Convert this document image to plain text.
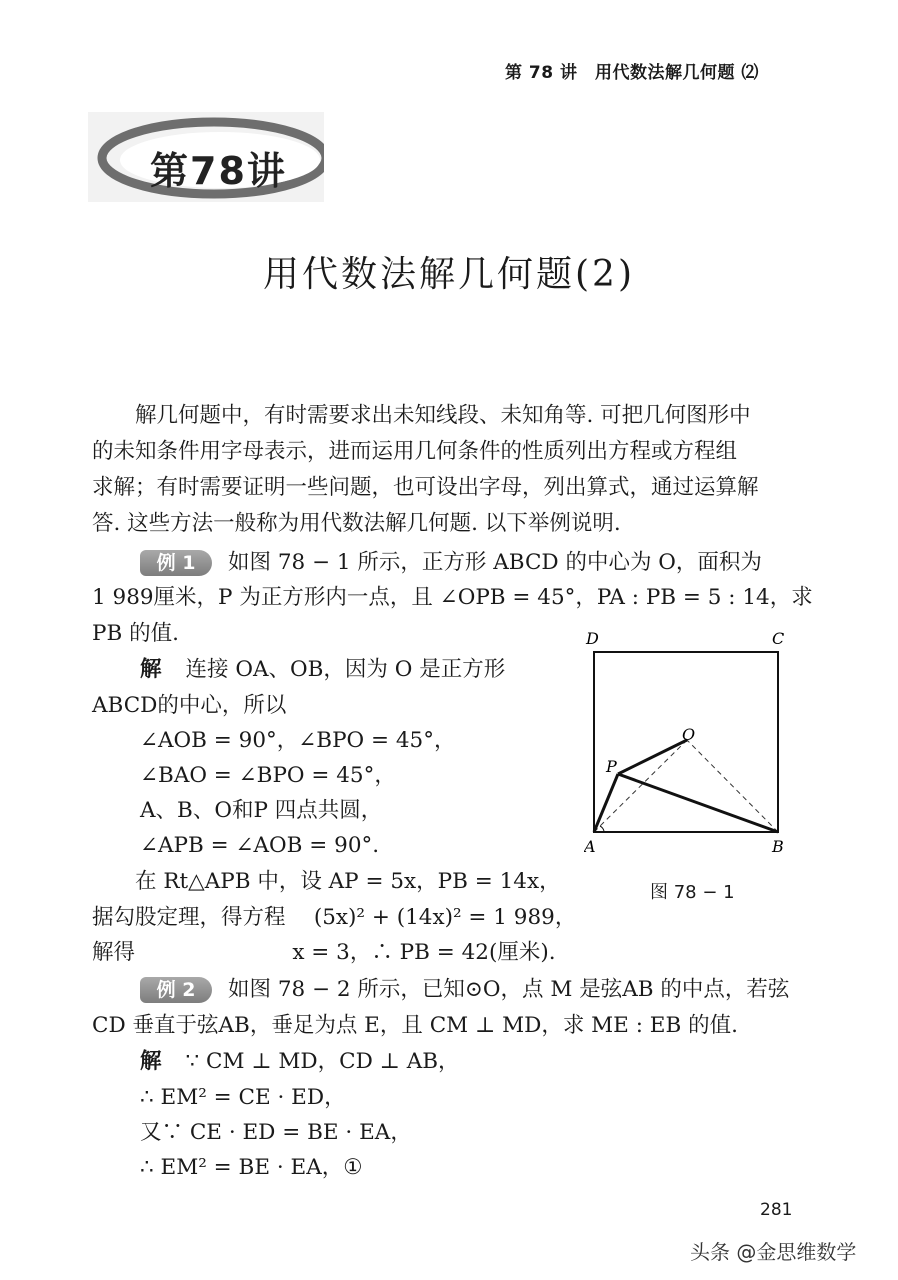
第 78 讲　用代数法解几何题 ⑵
第78讲
用代数法解几何题(2)
　　解几何题中，有时需要求出未知线段、未知角等. 可把几何图形中
的未知条件用字母表示，进而运用几何条件的性质列出方程或方程组
求解；有时需要证明一些问题，也可设出字母，列出算式，通过运算解
答. 这些方法一般称为用代数法解几何题. 以下举例说明.
例 1 如图 78 − 1 所示，正方形 ABCD 的中心为 O，面积为
1 989厘米，P 为正方形内一点，且 ∠OPB = 45°，PA : PB = 5 : 14，求
PB 的值.
解 连接 OA、OB，因为 O 是正方形
ABCD的中心，所以
∠AOB = 90°，∠BPO = 45°，
∠BAO = ∠BPO = 45°，
A、B、O和P 四点共圆，
∠APB = ∠AOB = 90°.
　　在 Rt△APB 中，设 AP = 5x，PB = 14x，
据勾股定理，得方程　 (5x)² + (14x)² = 1 989，
解得　　　　　　　 x = 3，∴ PB = 42(厘米).
D	C
O
P
A	B
图 78 − 1
例 2 如图 78 − 2 所示，已知⊙O，点 M 是弦AB 的中点，若弦
CD 垂直于弦AB，垂足为点 E，且 CM ⊥ MD，求 ME : EB 的值.
解 ∵ CM ⊥ MD，CD ⊥ AB，
∴ EM² = CE · ED，
又∵ CE · ED = BE · EA，
∴ EM² = BE · EA，①
281
头条 @金思维数学
